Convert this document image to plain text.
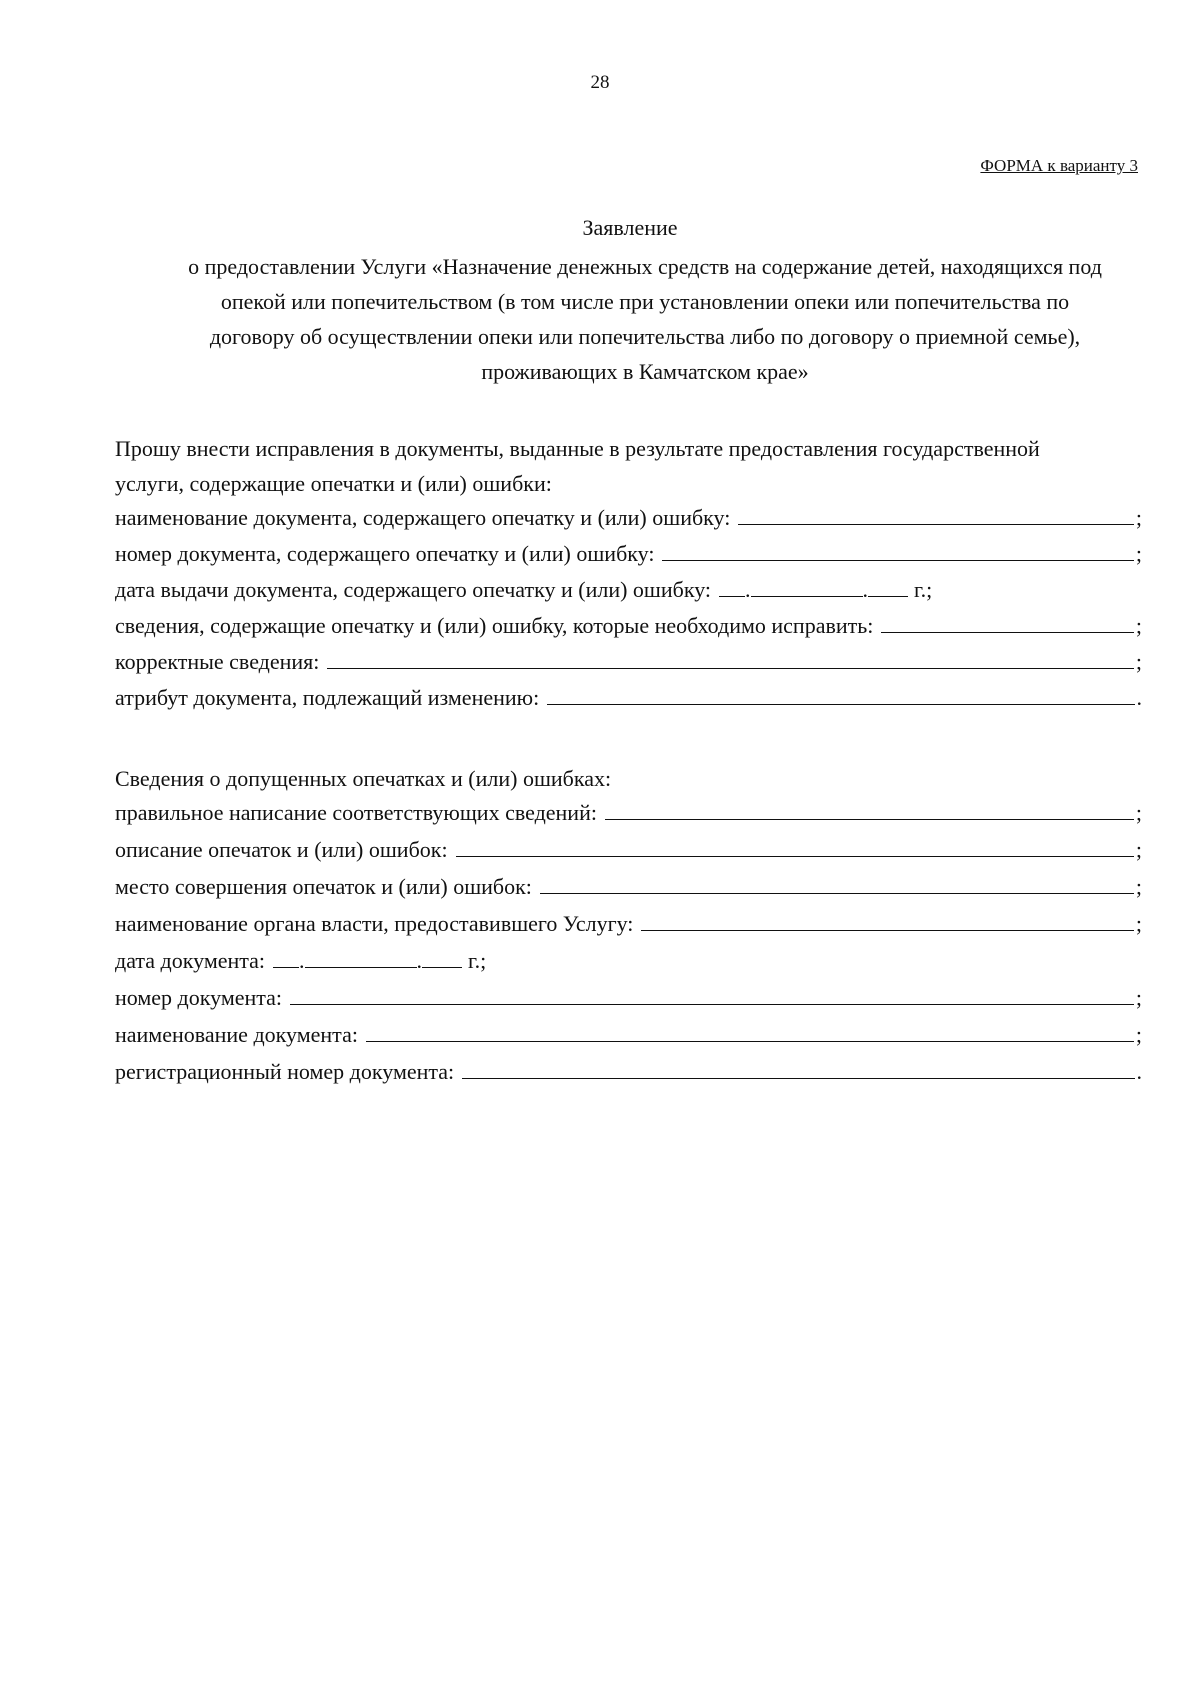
28
ФОРМА к варианту 3
Заявление
о предоставлении Услуги «Назначение денежных средств на содержание детей, находящихся под
опекой или попечительством (в том числе при установлении опеки или попечительства по
договору об осуществлении опеки или попечительства либо по договору о приемной семье),
проживающих в Камчатском крае»
Прошу внести исправления в документы, выданные в результате предоставления государственной
услуги, содержащие опечатки и (или) ошибки:
наименование документа, содержащего опечатку и (или) ошибку:	;
номер документа, содержащего опечатку и (или) ошибку:	;
дата выдачи документа, содержащего опечатку и (или) ошибку:	.	.	г.;
сведения, содержащие опечатку и (или) ошибку, которые необходимо исправить:	;
корректные сведения:	;
атрибут документа, подлежащий изменению:	.
Сведения о допущенных опечатках и (или) ошибках:
правильное написание соответствующих сведений:	;
описание опечаток и (или) ошибок:	;
место совершения опечаток и (или) ошибок:	;
наименование органа власти, предоставившего Услугу:	;
дата документа:	.	.	г.;
номер документа:	;
наименование документа:	;
регистрационный номер документа:	.
